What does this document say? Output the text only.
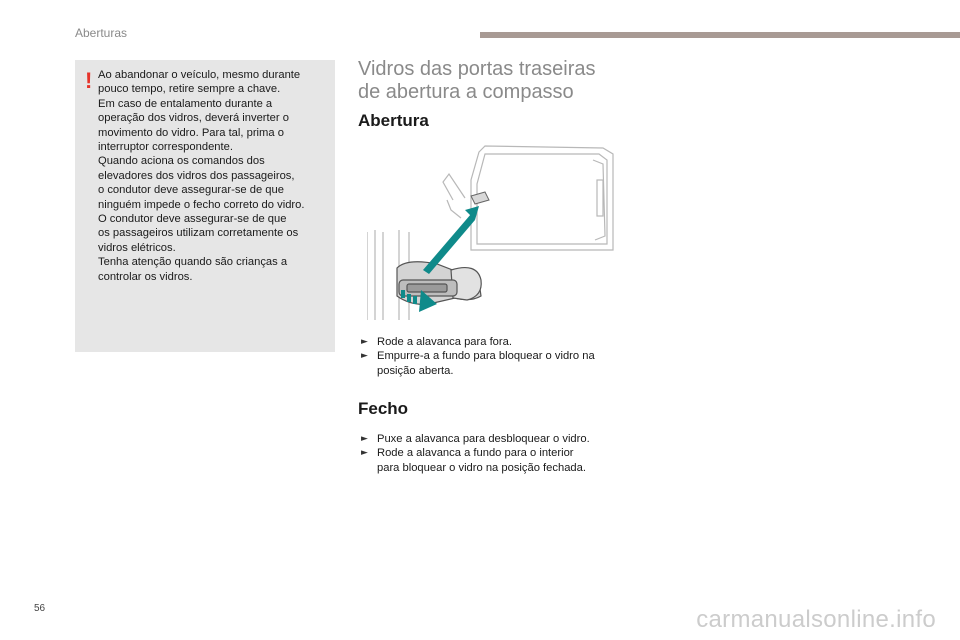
Aberturas
! Ao abandonar o veículo, mesmo durante
pouco tempo, retire sempre a chave.
Em caso de entalamento durante a
operação dos vidros, deverá inverter o
movimento do vidro. Para tal, prima o
interruptor correspondente.
Quando aciona os comandos dos
elevadores dos vidros dos passageiros,
o condutor deve assegurar-se de que
ninguém impede o fecho correto do vidro.
O condutor deve assegurar-se de que
os passageiros utilizam corretamente os
vidros elétricos.
Tenha atenção quando são crianças a
controlar os vidros.

Vidros das portas traseiras
de abertura a compasso
Abertura
► Rode a alavanca para fora.
► Empurre-a a fundo para bloquear o vidro na
posição aberta.
Fecho
► Puxe a alavanca para desbloquear o vidro.
► Rode a alavanca a fundo para o interior
para bloquear o vidro na posição fechada.
56	carmanualsonline.info
